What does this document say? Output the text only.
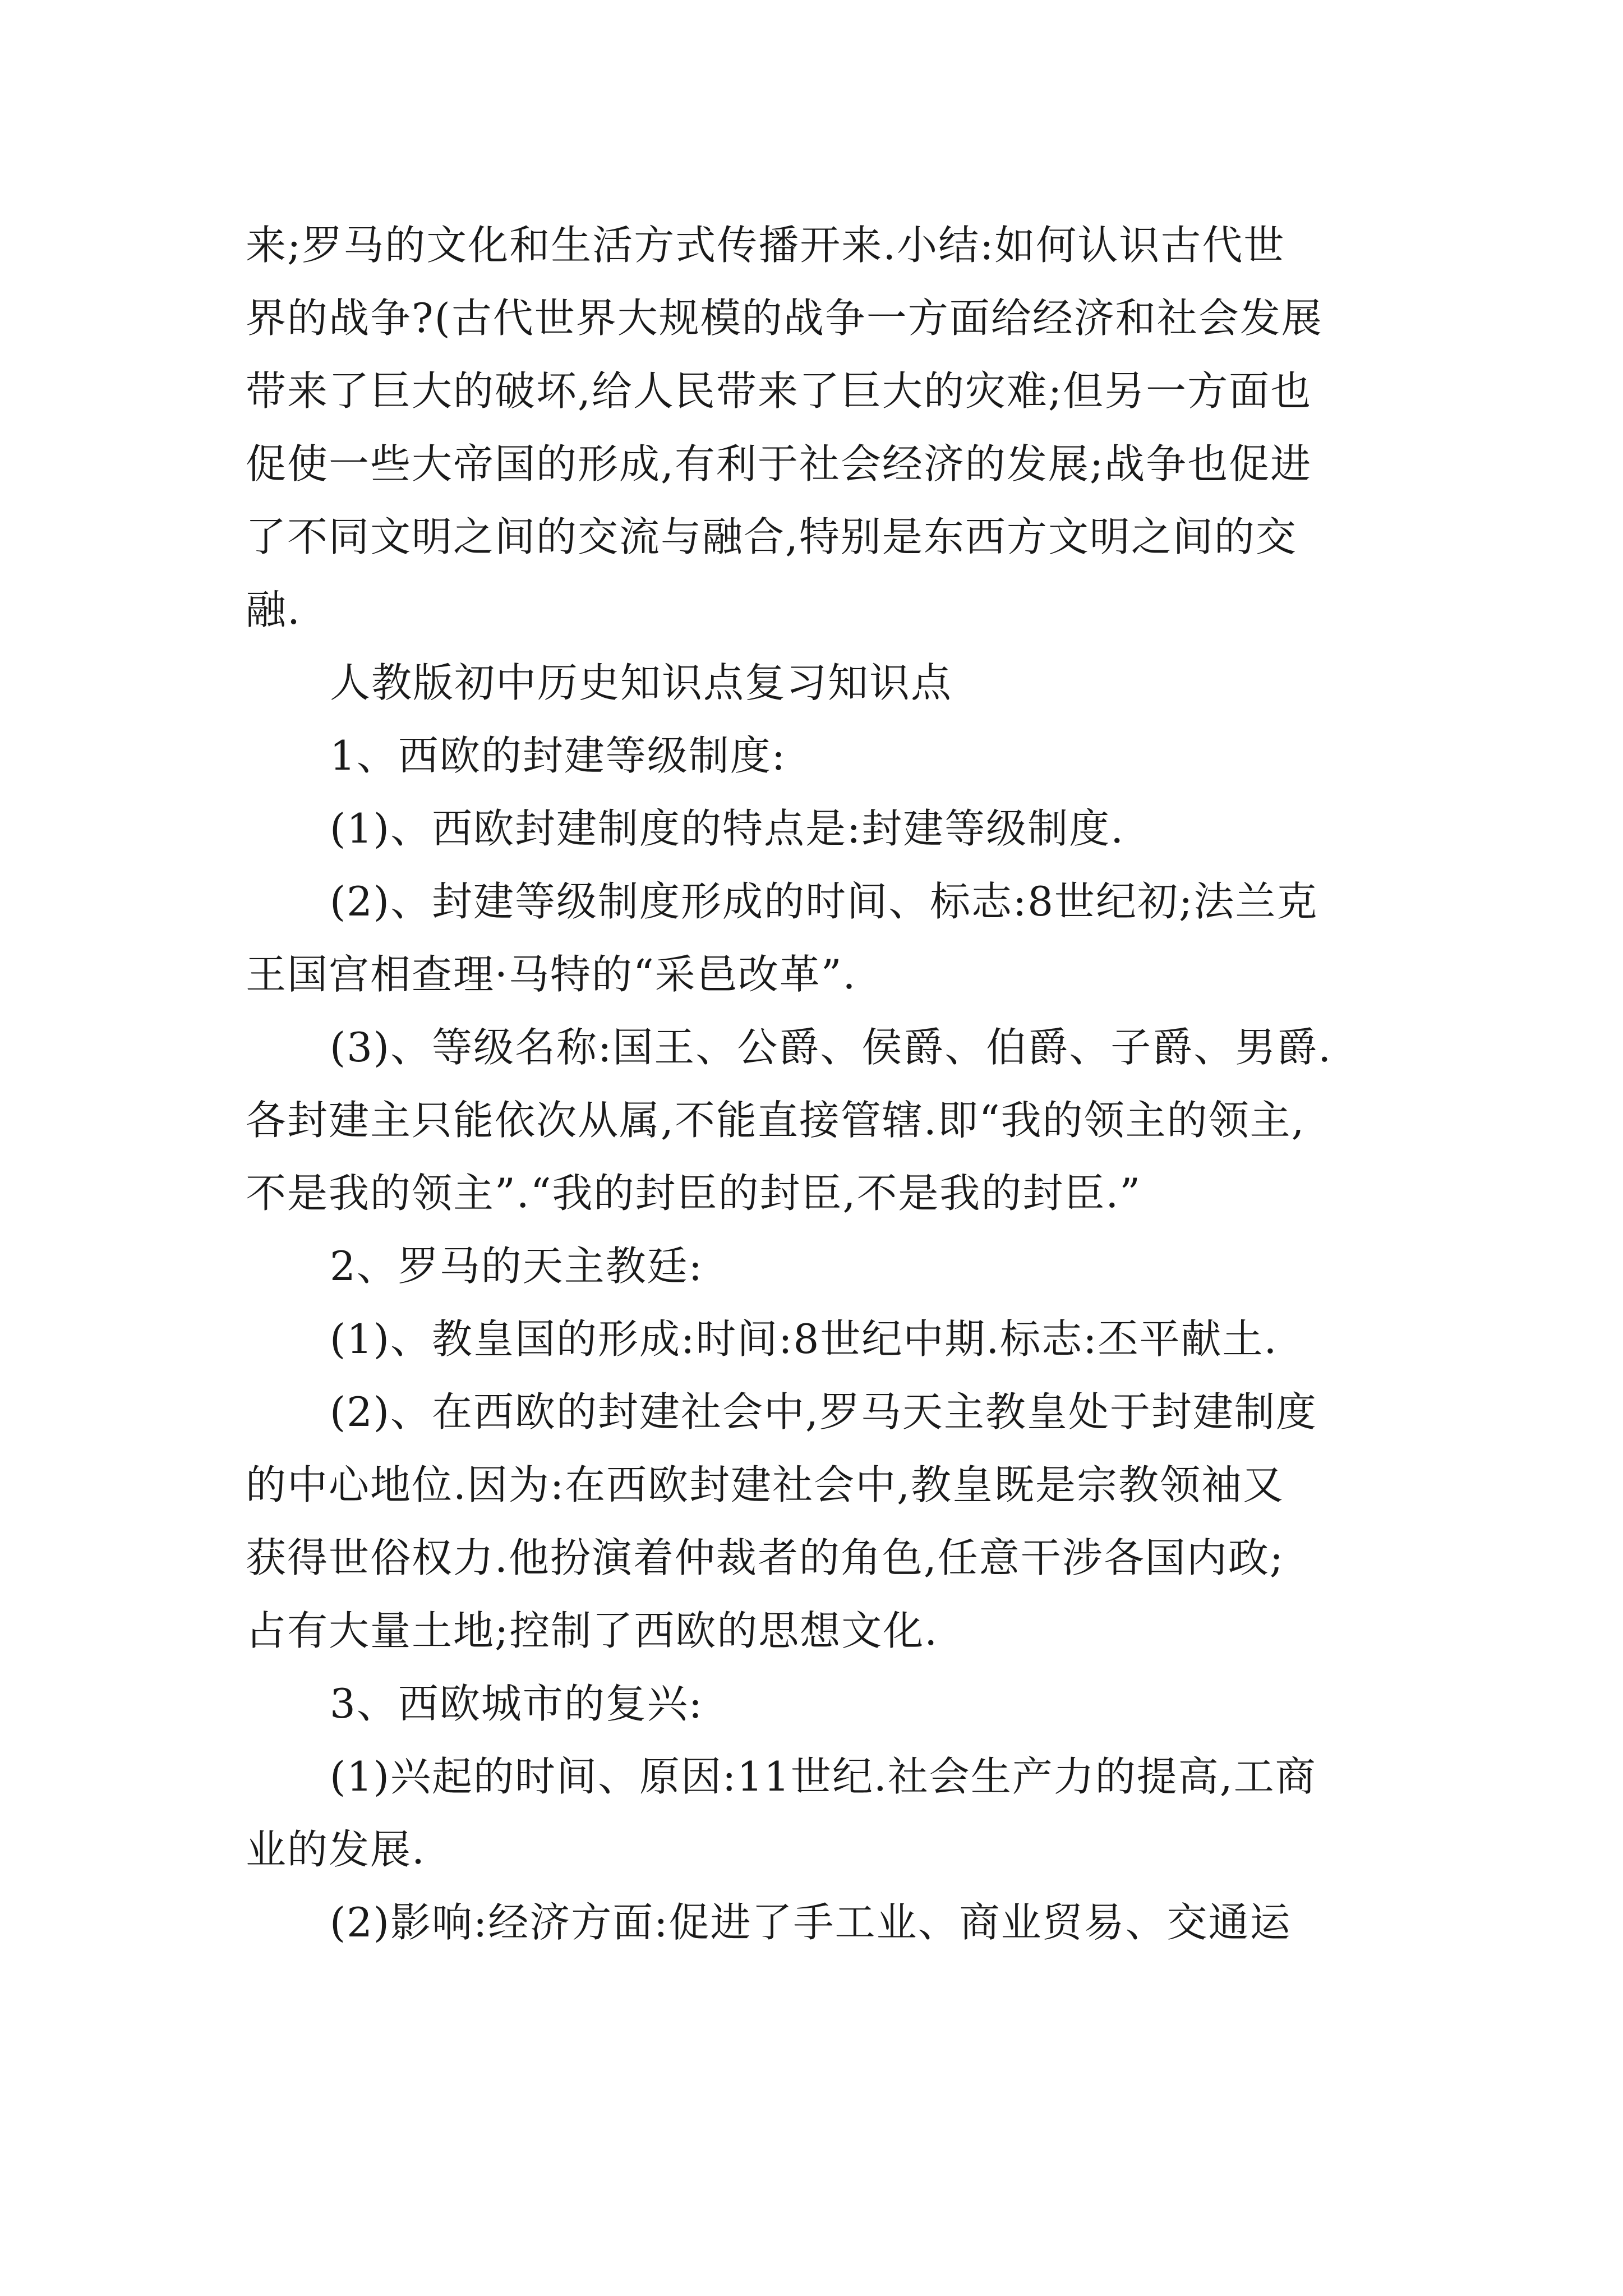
来;罗马的文化和生活方式传播开来.小结:如何认识古代世
界的战争?(古代世界大规模的战争一方面给经济和社会发展
带来了巨大的破坏,给人民带来了巨大的灾难;但另一方面也
促使一些大帝国的形成,有利于社会经济的发展;战争也促进
了不同文明之间的交流与融合,特别是东西方文明之间的交
融.
人教版初中历史知识点复习知识点
1、西欧的封建等级制度:
(1)、西欧封建制度的特点是:封建等级制度.
(2)、封建等级制度形成的时间、标志:8世纪初;法兰克
王国宫相查理·马特的“采邑改革”.
(3)、等级名称:国王、公爵、侯爵、伯爵、子爵、男爵.
各封建主只能依次从属,不能直接管辖.即“我的领主的领主,
不是我的领主”.“我的封臣的封臣,不是我的封臣.”
2、罗马的天主教廷:
(1)、教皇国的形成:时间:8世纪中期.标志:丕平献土.
(2)、在西欧的封建社会中,罗马天主教皇处于封建制度
的中心地位.因为:在西欧封建社会中,教皇既是宗教领袖又
获得世俗权力.他扮演着仲裁者的角色,任意干涉各国内政;
占有大量土地;控制了西欧的思想文化.
3、西欧城市的复兴:
(1)兴起的时间、原因:11世纪.社会生产力的提高,工商
业的发展.
(2)影响:经济方面:促进了手工业、商业贸易、交通运
